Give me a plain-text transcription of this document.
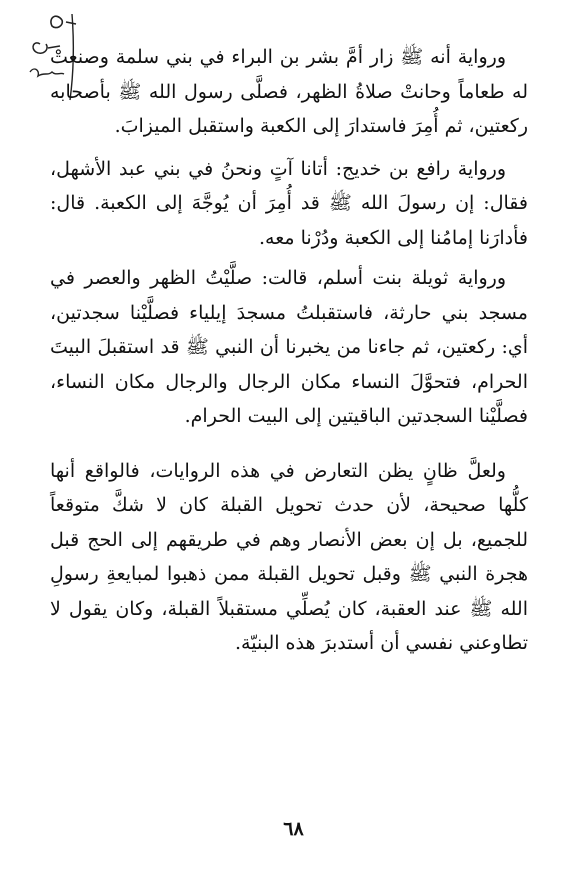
ورواية أنه ﷺ زار أمَّ بشر بن البراء في بني سلمة وصنعتْ له طعاماً وحانتْ صلاةُ الظهر، فصلَّى رسول الله ﷺ بأصحابه ركعتين، ثم أُمِرَ فاستدارَ إلى الكعبة واستقبل الميزابَ.

ورواية رافع بن خديج: أتانا آتٍ ونحنُ في بني عبد الأشهل، فقال: إن رسولَ الله ﷺ قد أُمِرَ أن يُوجَّهَ إلى الكعبة. قال: فأدارَنا إمامُنا إلى الكعبة ودُرْنا معه.

ورواية ثويلة بنت أسلم، قالت: صلَّيْتُ الظهر والعصر في مسجد بني حارثة، فاستقبلتُ مسجدَ إيلياء فصلَّيْنا سجدتين، أي: ركعتين، ثم جاءنا من يخبرنا أن النبي ﷺ قد استقبلَ البيتَ الحرام، فتحوَّلَ النساء مكان الرجال والرجال مكان النساء، فصلَّيْنا السجدتين الباقيتين إلى البيت الحرام.

ولعلَّ ظانٍ يظن التعارض في هذه الروايات، فالواقع أنها كلُّها صحيحة، لأن حدث تحويل القبلة كان لا شكَّ متوقعاً للجميع، بل إن بعض الأنصار وهم في طريقهم إلى الحج قبل هجرة النبي ﷺ وقبل تحويل القبلة ممن ذهبوا لمبايعةِ رسولِ الله ﷺ عند العقبة، كان يُصلِّي مستقبلاً القبلة، وكان يقول لا تطاوعني نفسي أن أستدبرَ هذه البنيّة.

٦٨
